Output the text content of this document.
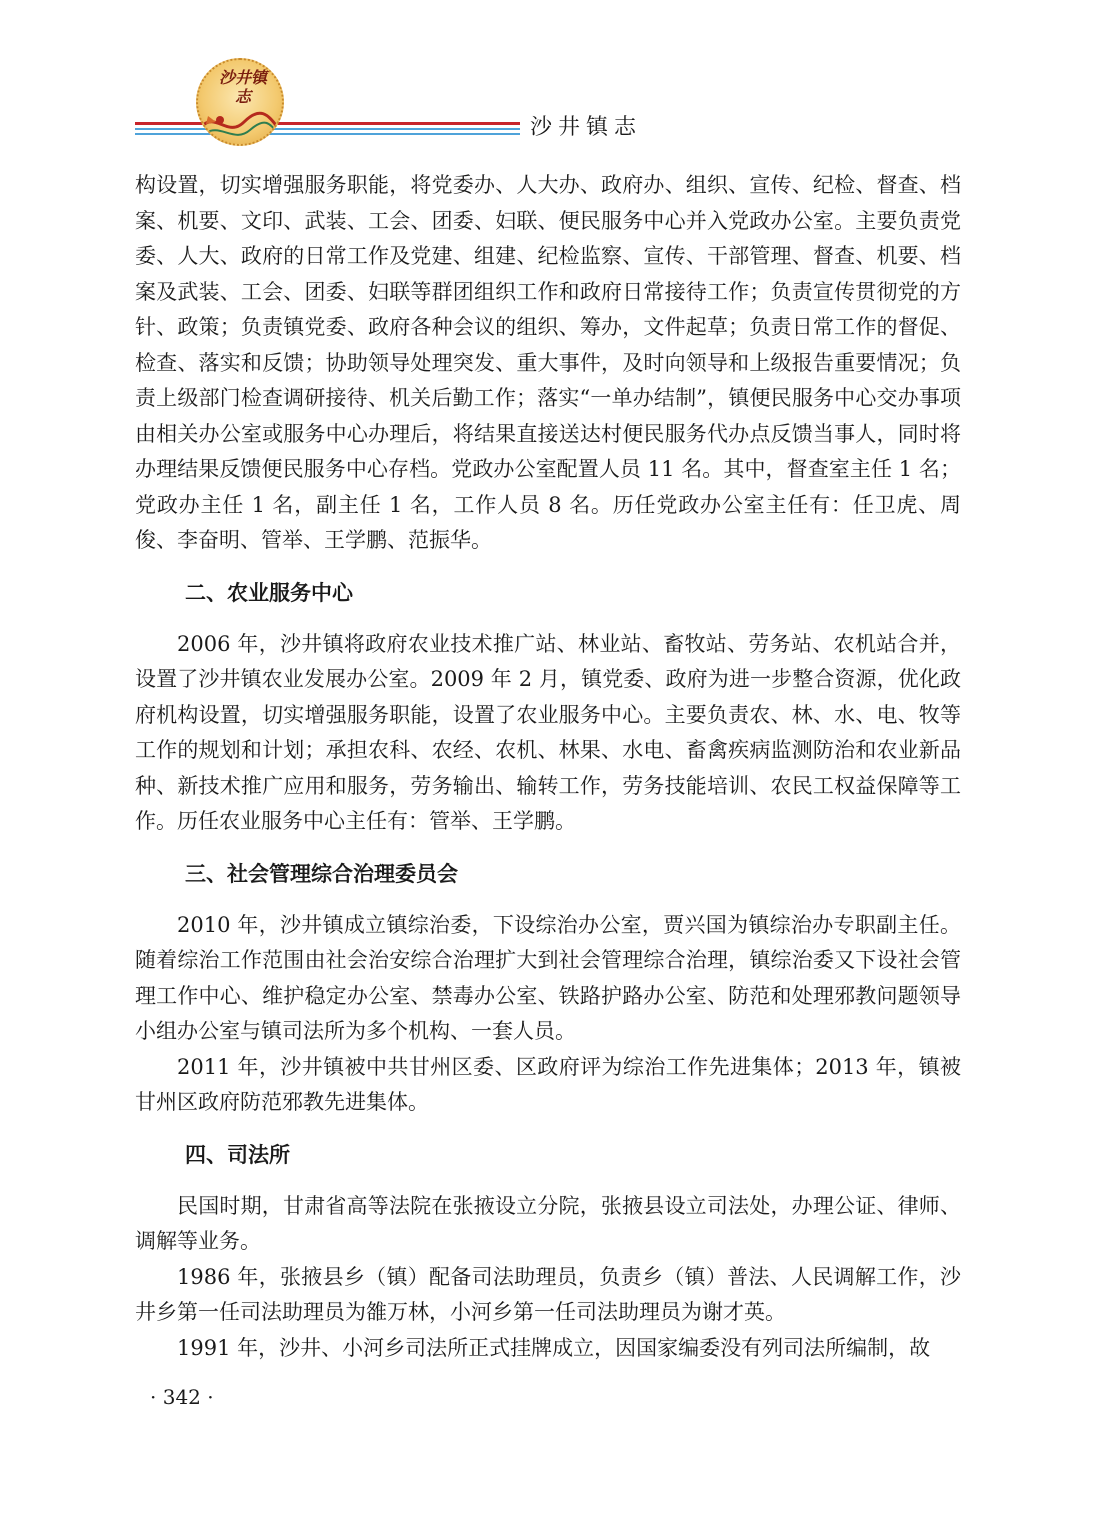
沙井镇志
沙井镇志

构设置，切实增强服务职能，将党委办、人大办、政府办、组织、宣传、纪检、督查、档案、机要、文印、武装、工会、团委、妇联、便民服务中心并入党政办公室。主要负责党委、人大、政府的日常工作及党建、组建、纪检监察、宣传、干部管理、督查、机要、档案及武装、工会、团委、妇联等群团组织工作和政府日常接待工作；负责宣传贯彻党的方针、政策；负责镇党委、政府各种会议的组织、筹办，文件起草；负责日常工作的督促、检查、落实和反馈；协助领导处理突发、重大事件，及时向领导和上级报告重要情况；负责上级部门检查调研接待、机关后勤工作；落实“一单办结制”，镇便民服务中心交办事项由相关办公室或服务中心办理后，将结果直接送达村便民服务代办点反馈当事人，同时将办理结果反馈便民服务中心存档。党政办公室配置人员 11 名。其中，督查室主任 1 名；党政办主任 1 名，副主任 1 名，工作人员 8 名。历任党政办公室主任有：任卫虎、周俊、李奋明、管举、王学鹏、范振华。

二、农业服务中心

2006 年，沙井镇将政府农业技术推广站、林业站、畜牧站、劳务站、农机站合并，设置了沙井镇农业发展办公室。2009 年 2 月，镇党委、政府为进一步整合资源，优化政府机构设置，切实增强服务职能，设置了农业服务中心。主要负责农、林、水、电、牧等工作的规划和计划；承担农科、农经、农机、林果、水电、畜禽疾病监测防治和农业新品种、新技术推广应用和服务，劳务输出、输转工作，劳务技能培训、农民工权益保障等工作。历任农业服务中心主任有：管举、王学鹏。

三、社会管理综合治理委员会

2010 年，沙井镇成立镇综治委，下设综治办公室，贾兴国为镇综治办专职副主任。随着综治工作范围由社会治安综合治理扩大到社会管理综合治理，镇综治委又下设社会管理工作中心、维护稳定办公室、禁毒办公室、铁路护路办公室、防范和处理邪教问题领导小组办公室与镇司法所为多个机构、一套人员。

2011 年，沙井镇被中共甘州区委、区政府评为综治工作先进集体；2013 年，镇被甘州区政府防范邪教先进集体。

四、司法所

民国时期，甘肃省高等法院在张掖设立分院，张掖县设立司法处，办理公证、律师、调解等业务。

1986 年，张掖县乡（镇）配备司法助理员，负责乡（镇）普法、人民调解工作，沙井乡第一任司法助理员为雒万林，小河乡第一任司法助理员为谢才英。

1991 年，沙井、小河乡司法所正式挂牌成立，因国家编委没有列司法所编制，故

· 342 ·
